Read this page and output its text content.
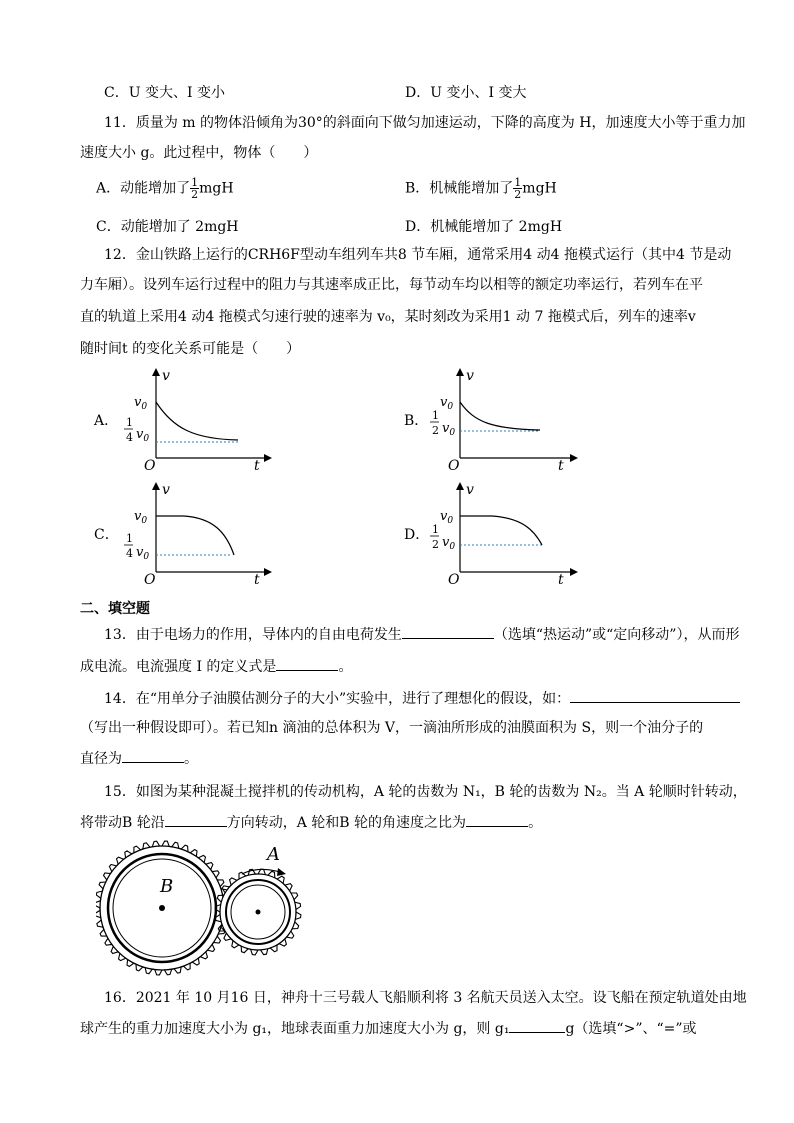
C．U 变大、I 变小	D．U 变小、I 变大
11．质量为 m 的物体沿倾角为30°的斜面向下做匀加速运动，下降的高度为 H，加速度大小等于重力加
速度大小 g。此过程中，物体（　　）
A．动能增加了 $\frac{1}{2}$ mgH	B．机械能增加了 $\frac{1}{2}$ mgH
C．动能增加了 2mgH	D．机械能增加了 2mgH
12．金山铁路上运行的CRH6F型动车组列车共8 节车厢，通常采用4 动4 拖模式运行（其中4 节是动
力车厢）。设列车运行过程中的阻力与其速率成正比，每节动车均以相等的额定功率运行，若列车在平
直的轨道上采用4 动4 拖模式匀速行驶的速率为 v₀，某时刻改为采用1 动 7 拖模式后，列车的速率v
随时间t 的变化关系可能是（　　）
A．
v
t
O
$v_0$
1
4 $v_0$
B．
v
t
O
$v_0$
1
2 $v_0$
C．
v
t
O
$v_0$
1
4 $v_0$
D．
v
t
O
$v_0$
1
2 $v_0$
二、填空题
13．由于电场力的作用，导体内的自由电荷发生	（选填“热运动”或“定向移动”），从而形
成电流。电流强度 I 的定义式是	。
14．在“用单分子油膜估测分子的大小”实验中，进行了理想化的假设，如：
（写出一种假设即可）。若已知n 滴油的总体积为 V，一滴油所形成的油膜面积为 S，则一个油分子的
直径为	。
15．如图为某种混凝土搅拌机的传动机构，A 轮的齿数为 N₁，B 轮的齿数为 N₂。当 A 轮顺时针转动，
将带动B 轮沿	方向转动，A 轮和B 轮的角速度之比为	。
B
A
16．2021 年 10 月16 日，神舟十三号载人飞船顺利将 3 名航天员送入太空。设飞船在预定轨道处由地
球产生的重力加速度大小为 g₁，地球表面重力加速度大小为 g，则 g₁	g（选填“>”、“=”或
